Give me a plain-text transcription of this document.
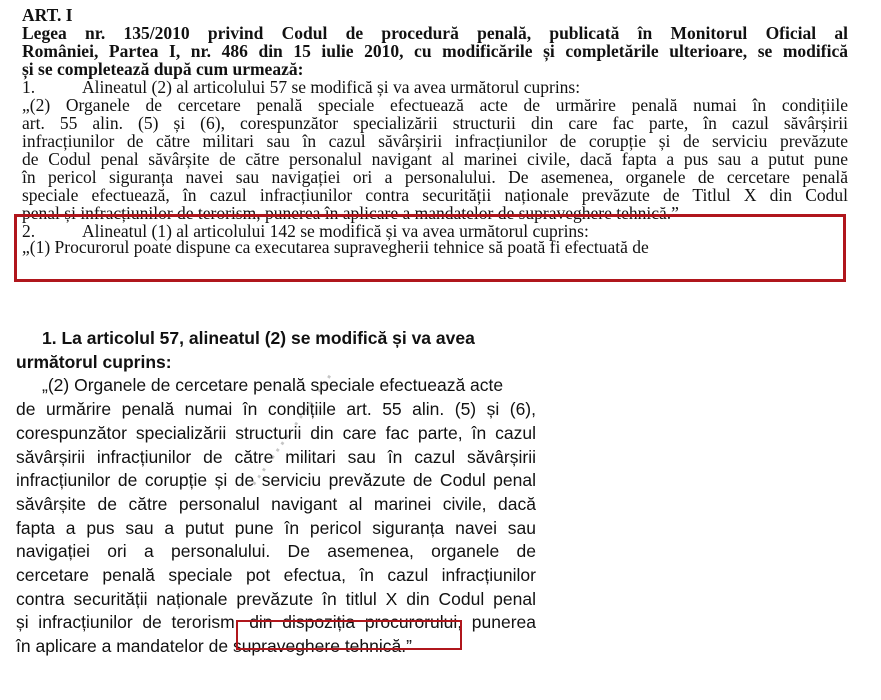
ART. I
Legea nr. 135/2010 privind Codul de procedură penală, publicată în Monitorul Oficial al
României, Partea I, nr. 486 din 15 iulie 2010, cu modificările și completările ulterioare, se modifică
și se completează după cum urmează:
1.	Alineatul (2) al articolului 57 se modifică și va avea următorul cuprins:
„(2) Organele de cercetare penală speciale efectuează acte de urmărire penală numai în condițiile
art. 55 alin. (5) și (6), corespunzător specializării structurii din care fac parte, în cazul săvârșirii
infracțiunilor de către militari sau în cazul săvârșirii infracțiunilor de corupție și de serviciu prevăzute
de Codul penal săvârșite de către personalul navigant al marinei civile, dacă fapta a pus sau a putut pune
în pericol siguranța navei sau navigației ori a personalului. De asemenea, organele de cercetare penală
speciale efectuează, în cazul infracțiunilor contra securității naționale prevăzute de Titlul X din Codul
penal și infracțiunilor de terorism, punerea în aplicare a mandatelor de supraveghere tehnică.”
2.	Alineatul (1) al articolului 142 se modifică și va avea următorul cuprins:
„(1) Procurorul poate dispune ca executarea supravegherii tehnice să poată fi efectuată de
1. La articolul 57, alineatul (2) se modifică și va avea
următorul cuprins:
„(2) Organele de cercetare penală speciale efectuează acte
de urmărire penală numai în condițiile art. 55 alin. (5) și (6),
corespunzător specializării structurii din care fac parte, în cazul
săvârșirii infracțiunilor de către militari sau în cazul săvârșirii
infracțiunilor de corupție și de serviciu prevăzute de Codul penal
săvârșite de către personalul navigant al marinei civile, dacă
fapta a pus sau a putut pune în pericol siguranța navei sau
navigației ori a personalului. De asemenea, organele de
cercetare penală speciale pot efectua, în cazul infracțiunilor
contra securității naționale prevăzute în titlul X din Codul penal
și infracțiunilor de terorism, din dispoziția procurorului, punerea
în aplicare a mandatelor de supraveghere tehnică.”
··· ···· ···· ···
